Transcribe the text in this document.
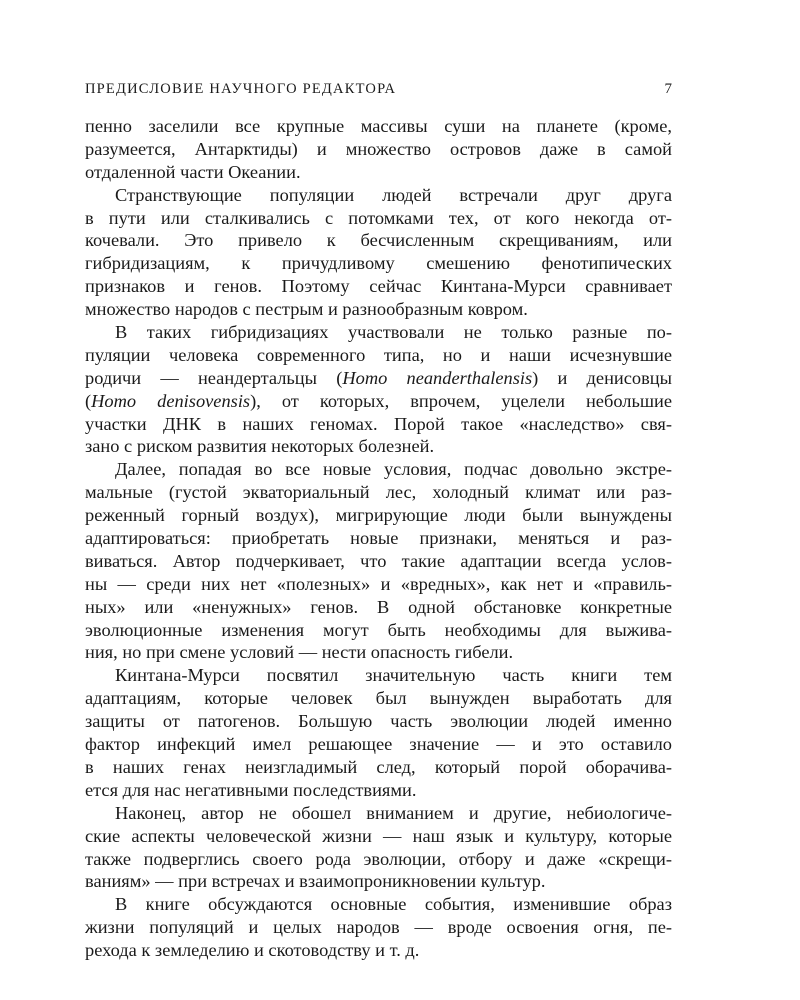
ПРЕДИСЛОВИЕ НАУЧНОГО РЕДАКТОРА	7
пенно заселили все крупные массивы суши на планете (кроме,
разумеется, Антарктиды) и множество островов даже в самой
отдаленной части Океании.
Странствующие популяции людей встречали друг друга
в пути или сталкивались с потомками тех, от кого некогда от-
кочевали. Это привело к бесчисленным скрещиваниям, или
гибридизациям, к причудливому смешению фенотипических
признаков и генов. Поэтому сейчас Кинтана-Мурси сравнивает
множество народов с пестрым и разнообразным ковром.
В таких гибридизациях участвовали не только разные по-
пуляции человека современного типа, но и наши исчезнувшие
родичи — неандертальцы (Homo neanderthalensis) и денисовцы
(Homo denisovensis), от которых, впрочем, уцелели небольшие
участки ДНК в наших геномах. Порой такое «наследство» свя-
зано с риском развития некоторых болезней.
Далее, попадая во все новые условия, подчас довольно экстре-
мальные (густой экваториальный лес, холодный климат или раз-
реженный горный воздух), мигрирующие люди были вынуждены
адаптироваться: приобретать новые признаки, меняться и раз-
виваться. Автор подчеркивает, что такие адаптации всегда услов-
ны — среди них нет «полезных» и «вредных», как нет и «правиль-
ных» или «ненужных» генов. В одной обстановке конкретные
эволюционные изменения могут быть необходимы для выжива-
ния, но при смене условий — нести опасность гибели.
Кинтана-Мурси посвятил значительную часть книги тем
адаптациям, которые человек был вынужден выработать для
защиты от патогенов. Большую часть эволюции людей именно
фактор инфекций имел решающее значение — и это оставило
в наших генах неизгладимый след, который порой оборачива-
ется для нас негативными последствиями.
Наконец, автор не обошел вниманием и другие, небиологиче-
ские аспекты человеческой жизни — наш язык и культуру, которые
также подверглись своего рода эволюции, отбору и даже «скрещи-
ваниям» — при встречах и взаимопроникновении культур.
В книге обсуждаются основные события, изменившие образ
жизни популяций и целых народов — вроде освоения огня, пе-
рехода к земледелию и скотоводству и т. д.
